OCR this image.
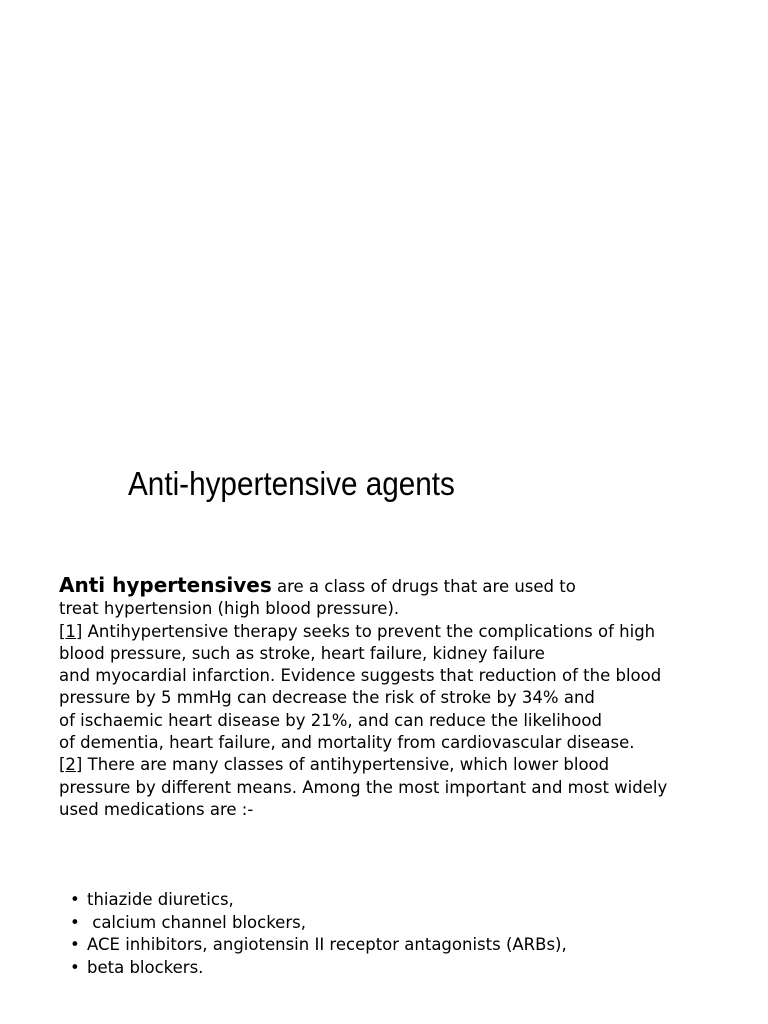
Anti-hypertensive agents
Anti hypertensives are a class of drugs that are used to
treat hypertension (high blood pressure).
[1] Antihypertensive therapy seeks to prevent the complications of high
blood pressure, such as stroke, heart failure, kidney failure
and myocardial infarction. Evidence suggests that reduction of the blood
pressure by 5 mmHg can decrease the risk of stroke by 34% and
of ischaemic heart disease by 21%, and can reduce the likelihood
of dementia, heart failure, and mortality from cardiovascular disease.
[2] There are many classes of antihypertensive, which lower blood
pressure by different means. Among the most important and most widely
used medications are :-
• thiazide diuretics,
• calcium channel blockers,
• ACE inhibitors, angiotensin II receptor antagonists (ARBs),
• beta blockers.
